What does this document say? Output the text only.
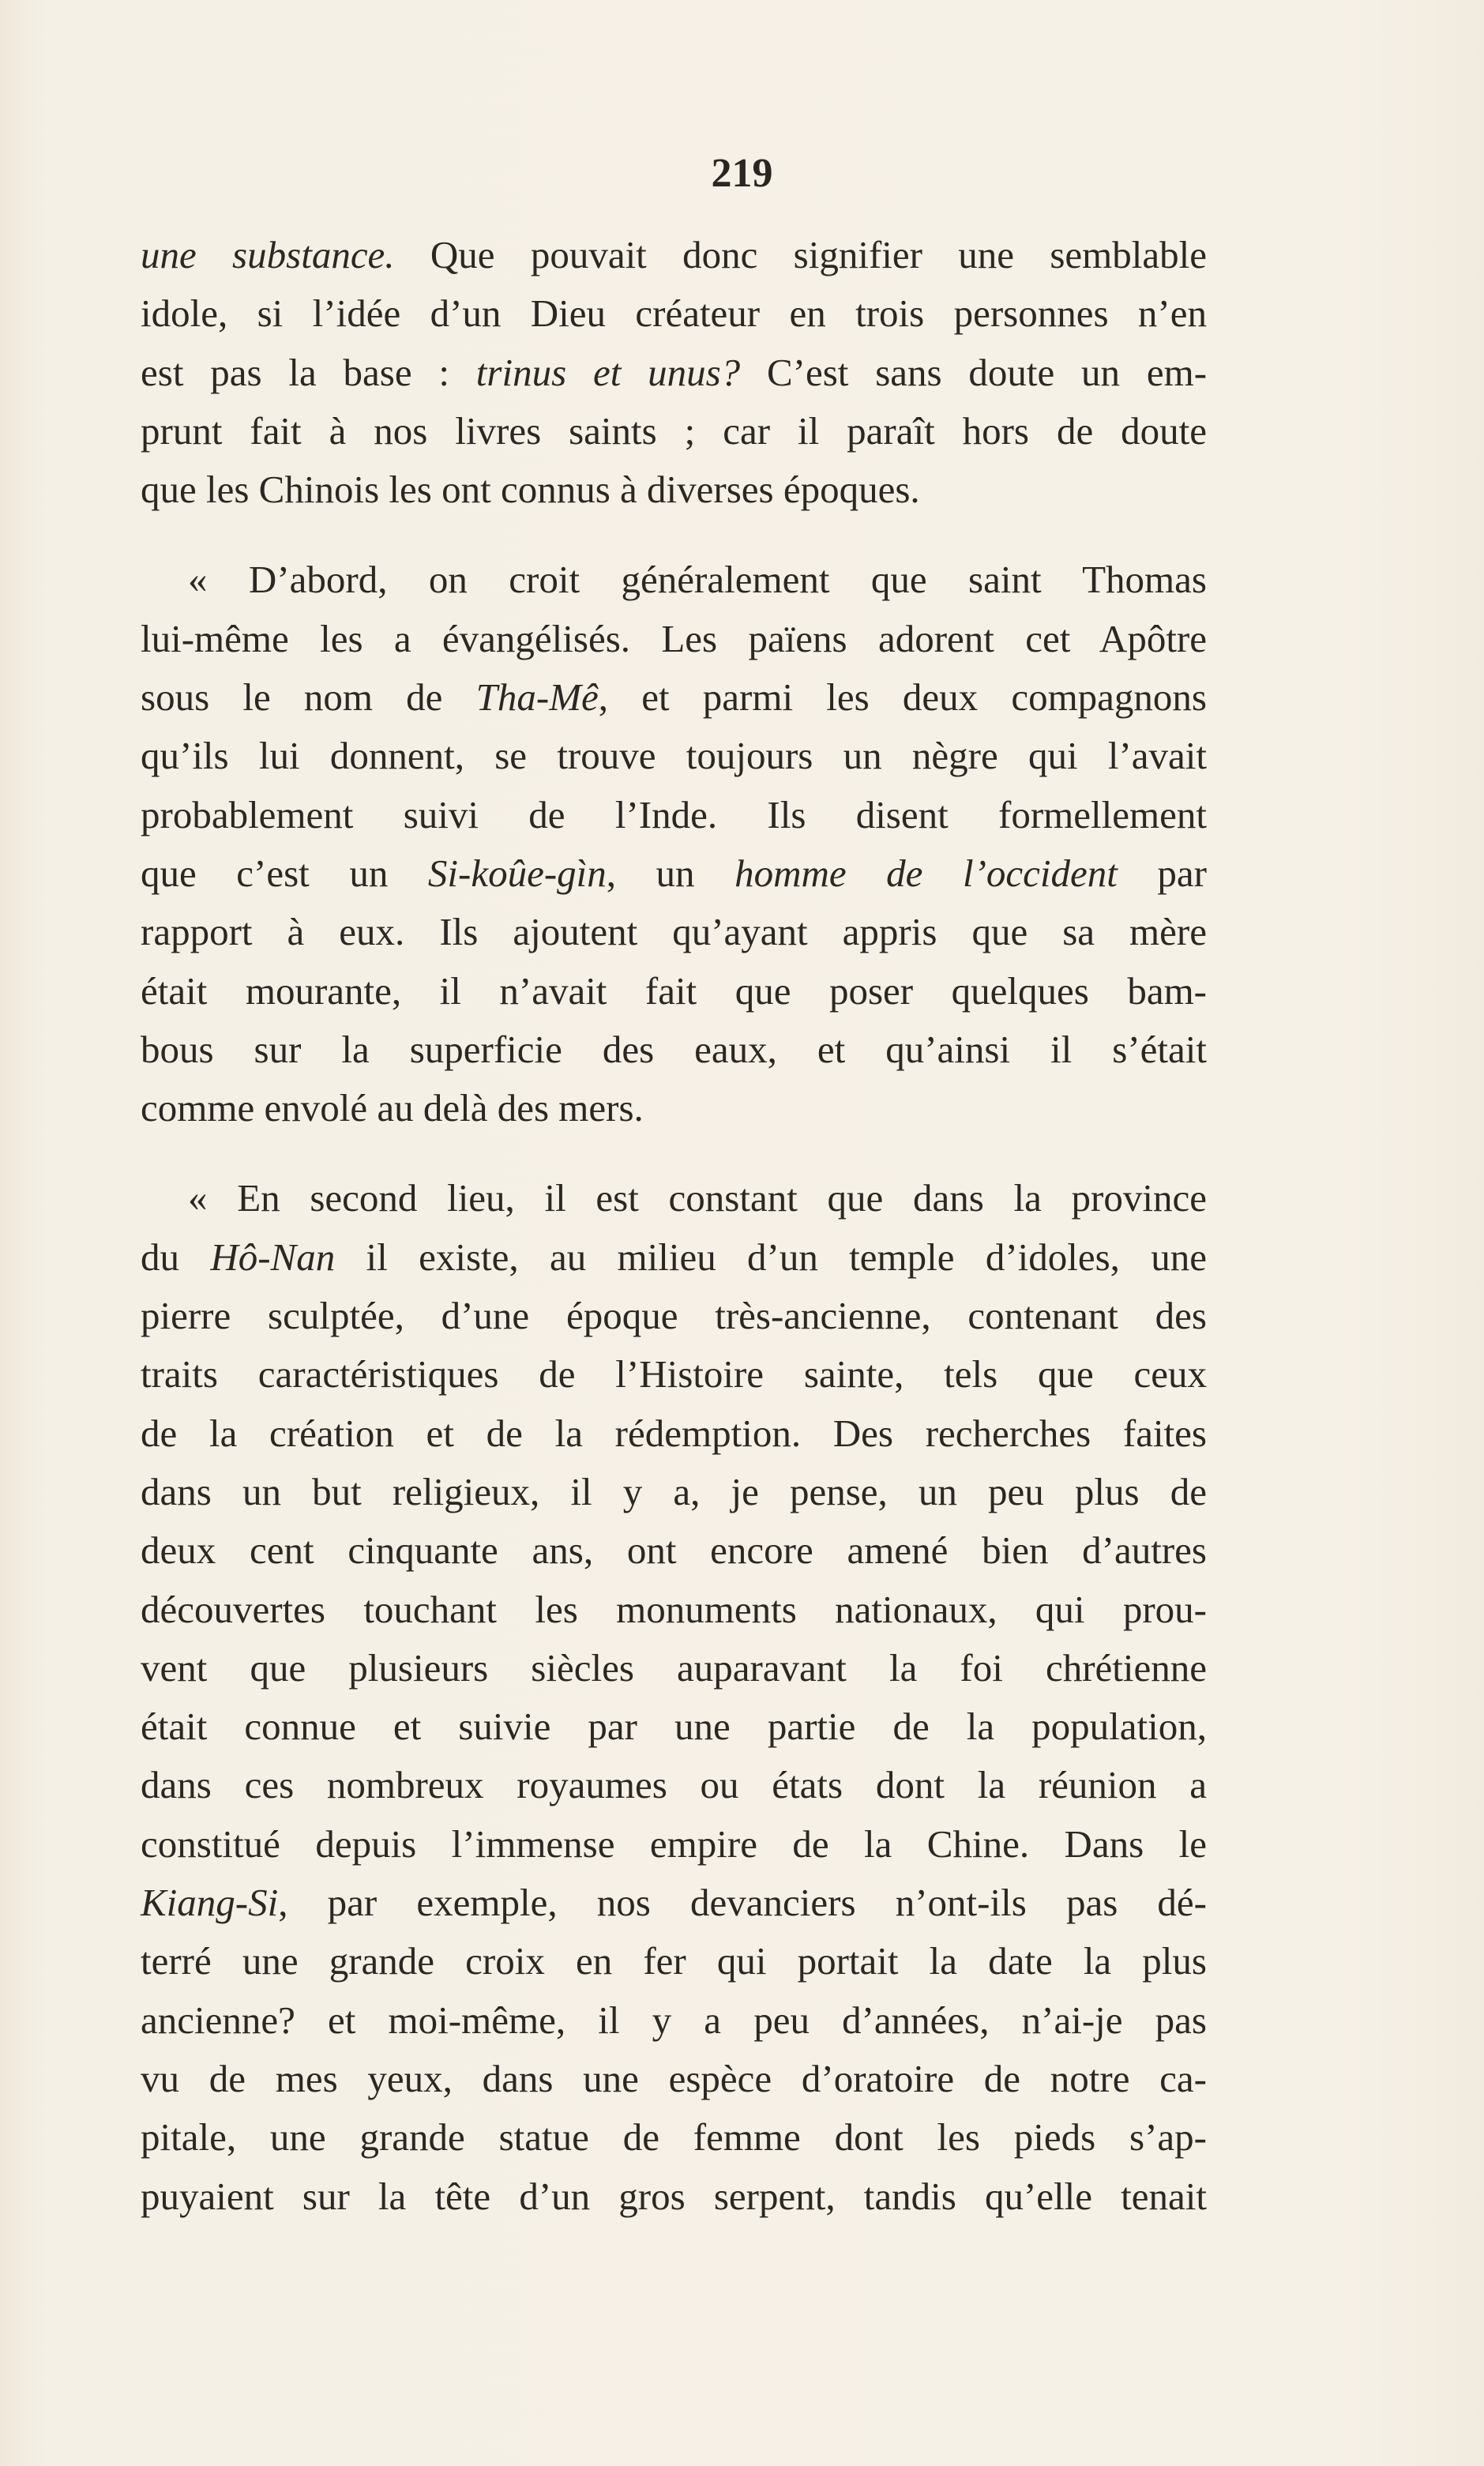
219

une substance. Que pouvait donc signifier une semblable
idole, si l’idée d’un Dieu créateur en trois personnes n’en
est pas la base : trinus et unus? C’est sans doute un em-
prunt fait à nos livres saints ; car il paraît hors de doute
que les Chinois les ont connus à diverses époques.
« D’abord, on croit généralement que saint Thomas
lui-même les a évangélisés. Les païens adorent cet Apôtre
sous le nom de Tha-Mê, et parmi les deux compagnons
qu’ils lui donnent, se trouve toujours un nègre qui l’avait
probablement suivi de l’Inde. Ils disent formellement
que c’est un Si-koûe-gìn, un homme de l’occident par
rapport à eux. Ils ajoutent qu’ayant appris que sa mère
était mourante, il n’avait fait que poser quelques bam-
bous sur la superficie des eaux, et qu’ainsi il s’était
comme envolé au delà des mers.
« En second lieu, il est constant que dans la province
du Hô-Nan il existe, au milieu d’un temple d’idoles, une
pierre sculptée, d’une époque très-ancienne, contenant des
traits caractéristiques de l’Histoire sainte, tels que ceux
de la création et de la rédemption. Des recherches faites
dans un but religieux, il y a, je pense, un peu plus de
deux cent cinquante ans, ont encore amené bien d’autres
découvertes touchant les monuments nationaux, qui prou-
vent que plusieurs siècles auparavant la foi chrétienne
était connue et suivie par une partie de la population,
dans ces nombreux royaumes ou états dont la réunion a
constitué depuis l’immense empire de la Chine. Dans le
Kiang-Si, par exemple, nos devanciers n’ont-ils pas dé-
terré une grande croix en fer qui portait la date la plus
ancienne? et moi-même, il y a peu d’années, n’ai-je pas
vu de mes yeux, dans une espèce d’oratoire de notre ca-
pitale, une grande statue de femme dont les pieds s’ap-
puyaient sur la tête d’un gros serpent, tandis qu’elle tenait
